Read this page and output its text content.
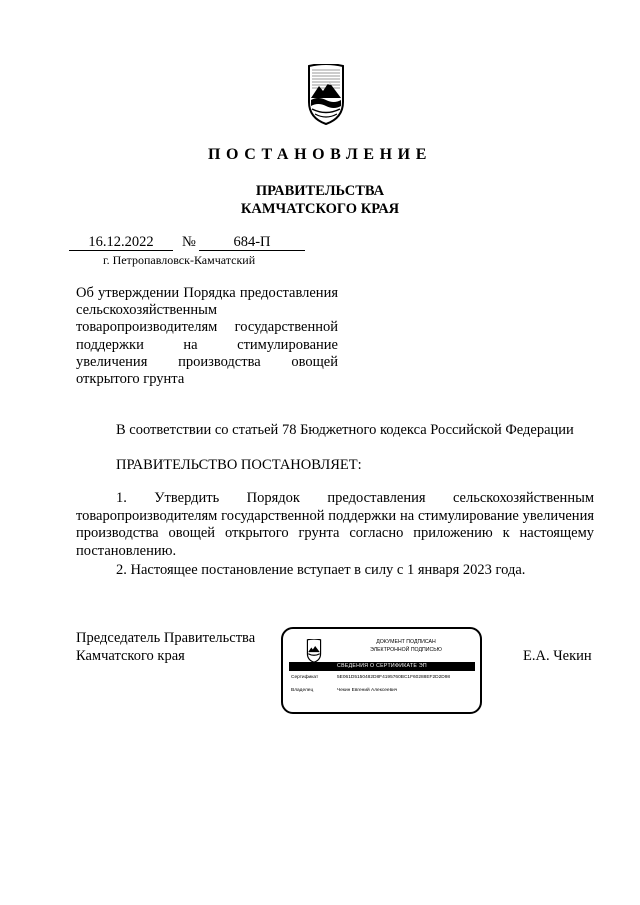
ПОСТАНОВЛЕНИЕ
ПРАВИТЕЛЬСТВА
КАМЧАТСКОГО КРАЯ
16.12.2022	№	684-П
г. Петропавловск-Камчатский
Об утверждении Порядка предоставления сельскохозяйственным товаропроизводителям государственной поддержки на стимулирование увеличения производства овощей открытого грунта
В соответствии со статьей 78 Бюджетного кодекса Российской Федерации
ПРАВИТЕЛЬСТВО ПОСТАНОВЛЯЕТ:
1. Утвердить Порядок предоставления сельскохозяйственным товаропроизводителям государственной поддержки на стимулирование увеличения производства овощей открытого грунта согласно приложению к настоящему постановлению.
2. Настоящее постановление вступает в силу с 1 января 2023 года.
Председатель Правительства
Камчатского края	Е.А. Чекин
ДОКУМЕНТ ПОДПИСАН
ЭЛЕКТРОННОЙ ПОДПИСЬЮ
СВЕДЕНИЯ О СЕРТИФИКАТЕ ЭП
Сертификат	5E061D5150482D8F4195760BC1F60288EF2D2D98
Владелец	Чекин Евгений Алексеевич
